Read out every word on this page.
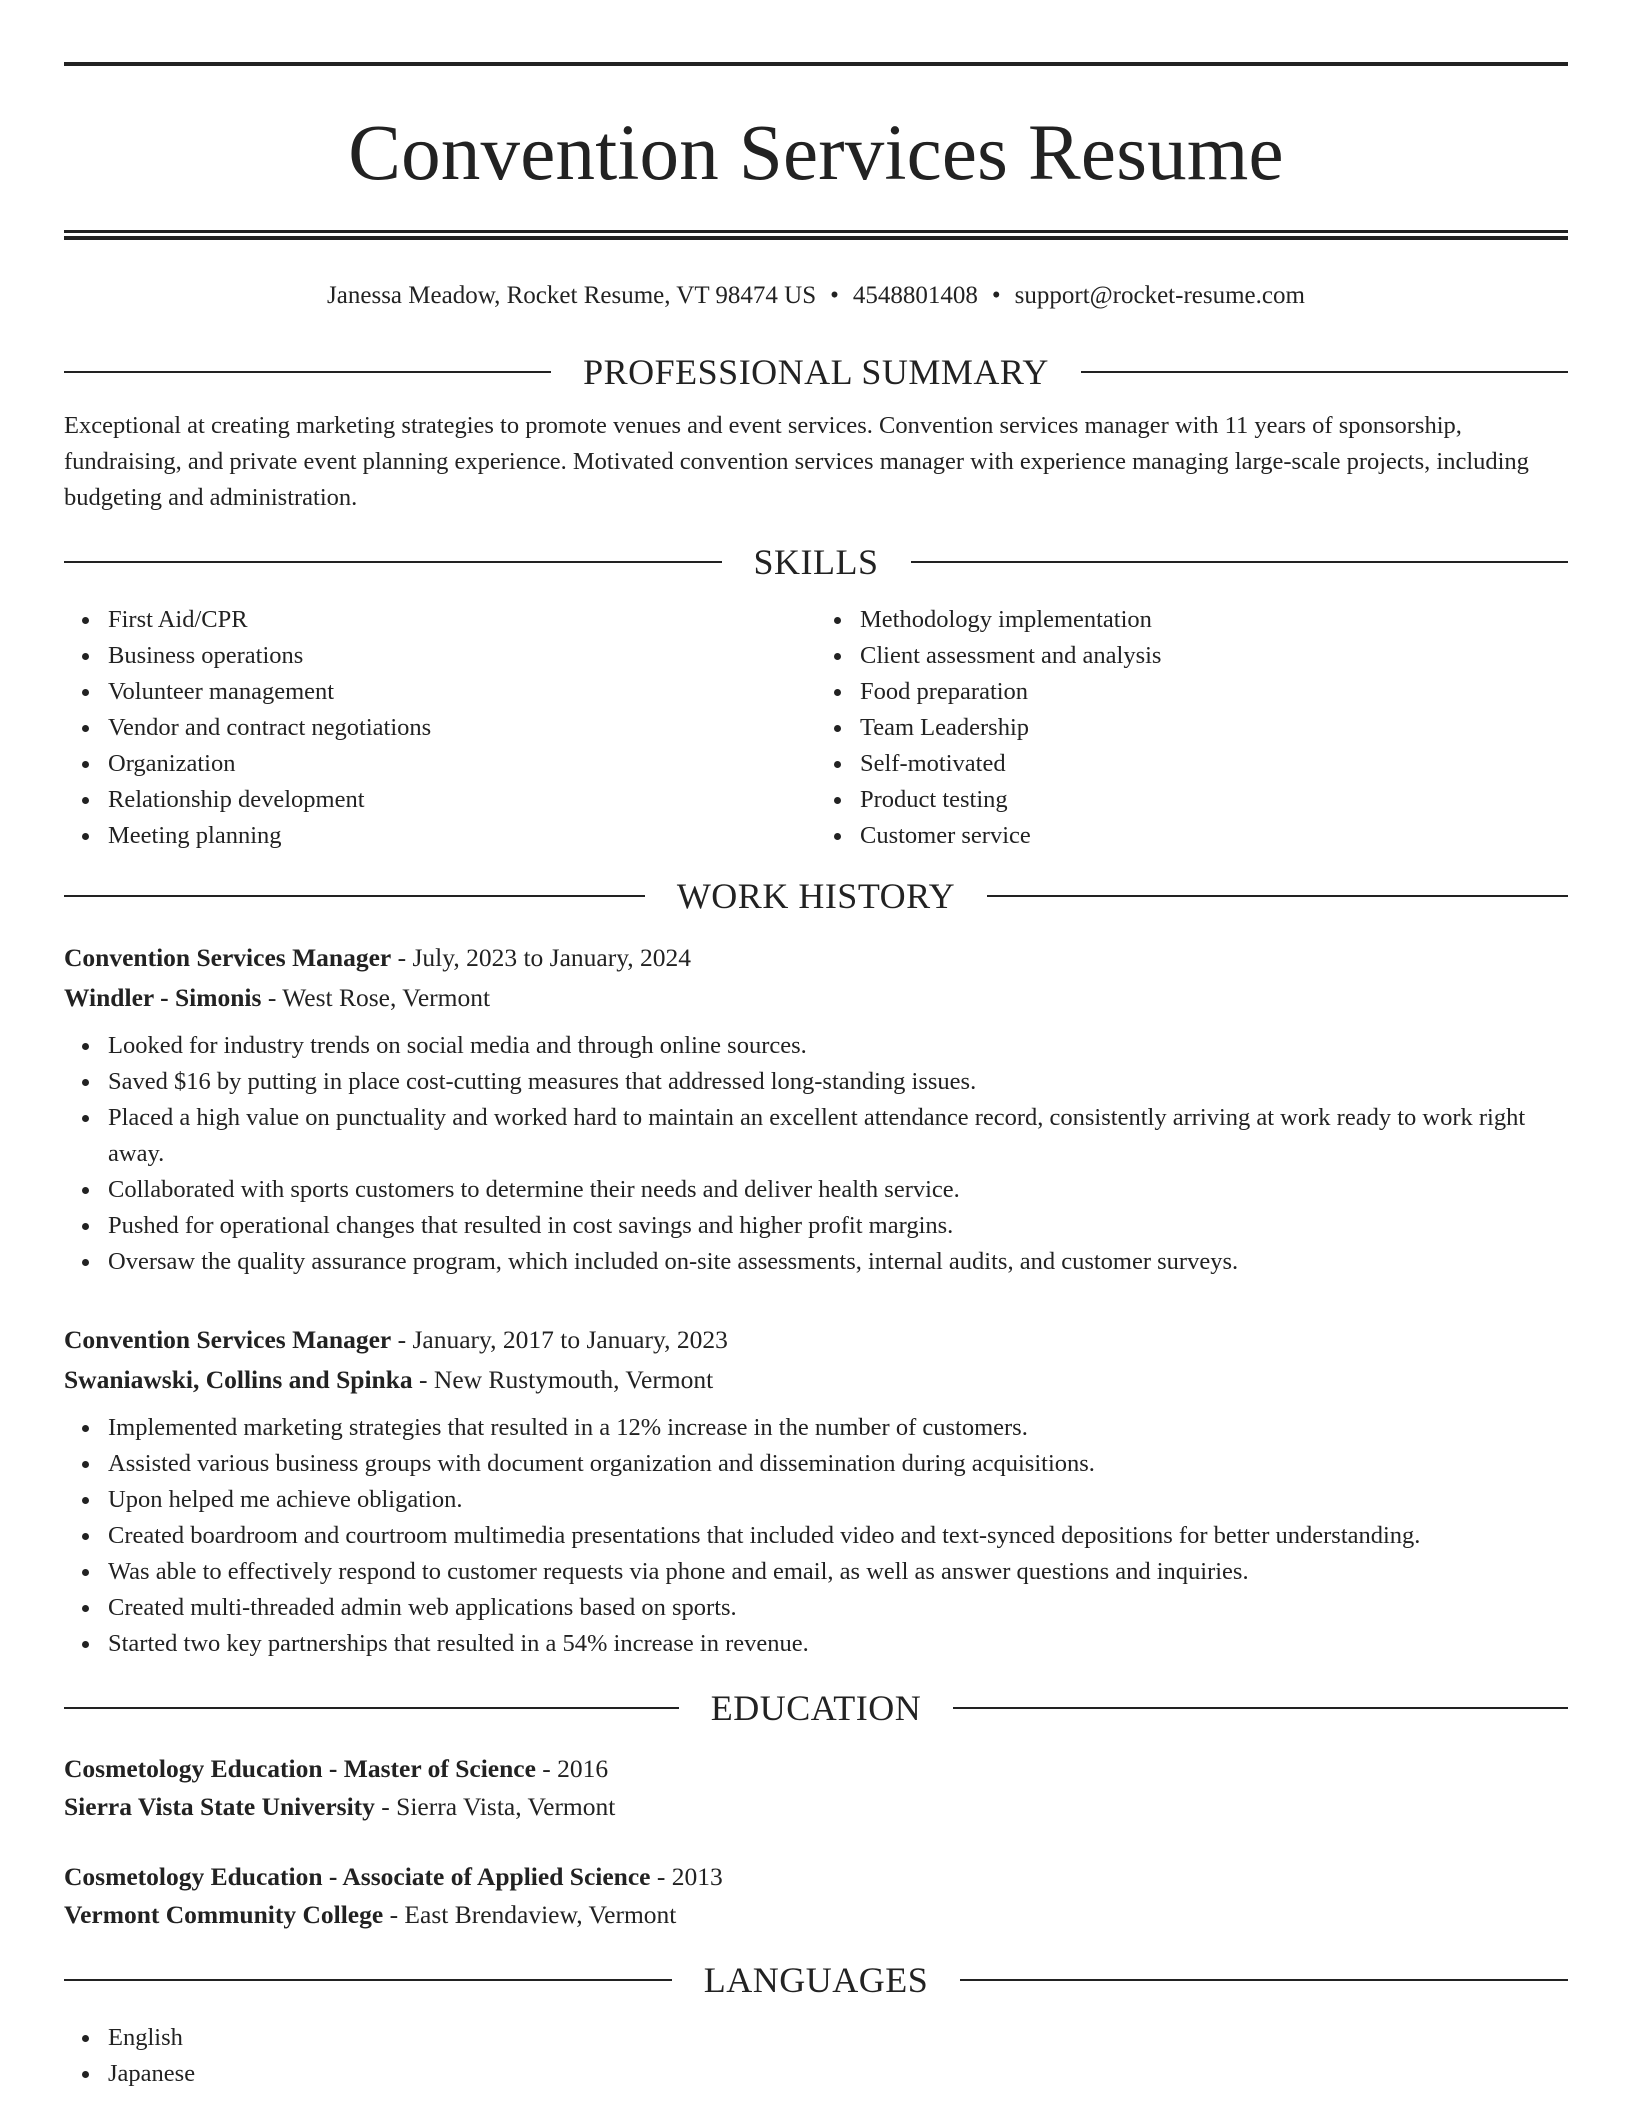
Convention Services Resume
Janessa Meadow, Rocket Resume, VT 98474 US • 4548801408 • support@rocket-resume.com
PROFESSIONAL SUMMARY

Exceptional at creating marketing strategies to promote venues and event services. Convention services manager with 11 years of sponsorship, fundraising, and private event planning experience. Motivated convention services manager with experience managing large-scale projects, including budgeting and administration.

SKILLS
First Aid/CPR
Business operations
Volunteer management
Vendor and contract negotiations
Organization
Relationship development
Meeting planning
Methodology implementation
Client assessment and analysis
Food preparation
Team Leadership
Self-motivated
Product testing
Customer service
WORK HISTORY

Convention Services Manager - July, 2023 to January, 2024

Windler - Simonis - West Rose, Vermont

Looked for industry trends on social media and through online sources.
Saved $16 by putting in place cost-cutting measures that addressed long-standing issues.
Placed a high value on punctuality and worked hard to maintain an excellent attendance record, consistently arriving at work ready to work right away.
Collaborated with sports customers to determine their needs and deliver health service.
Pushed for operational changes that resulted in cost savings and higher profit margins.
Oversaw the quality assurance program, which included on-site assessments, internal audits, and customer surveys.

Convention Services Manager - January, 2017 to January, 2023

Swaniawski, Collins and Spinka - New Rustymouth, Vermont

Implemented marketing strategies that resulted in a 12% increase in the number of customers.
Assisted various business groups with document organization and dissemination during acquisitions.
Upon helped me achieve obligation.
Created boardroom and courtroom multimedia presentations that included video and text-synced depositions for better understanding.
Was able to effectively respond to customer requests via phone and email, as well as answer questions and inquiries.
Created multi-threaded admin web applications based on sports.
Started two key partnerships that resulted in a 54% increase in revenue.
EDUCATION

Cosmetology Education - Master of Science - 2016

Sierra Vista State University - Sierra Vista, Vermont

Cosmetology Education - Associate of Applied Science - 2013

Vermont Community College - East Brendaview, Vermont

LANGUAGES
English
Japanese
